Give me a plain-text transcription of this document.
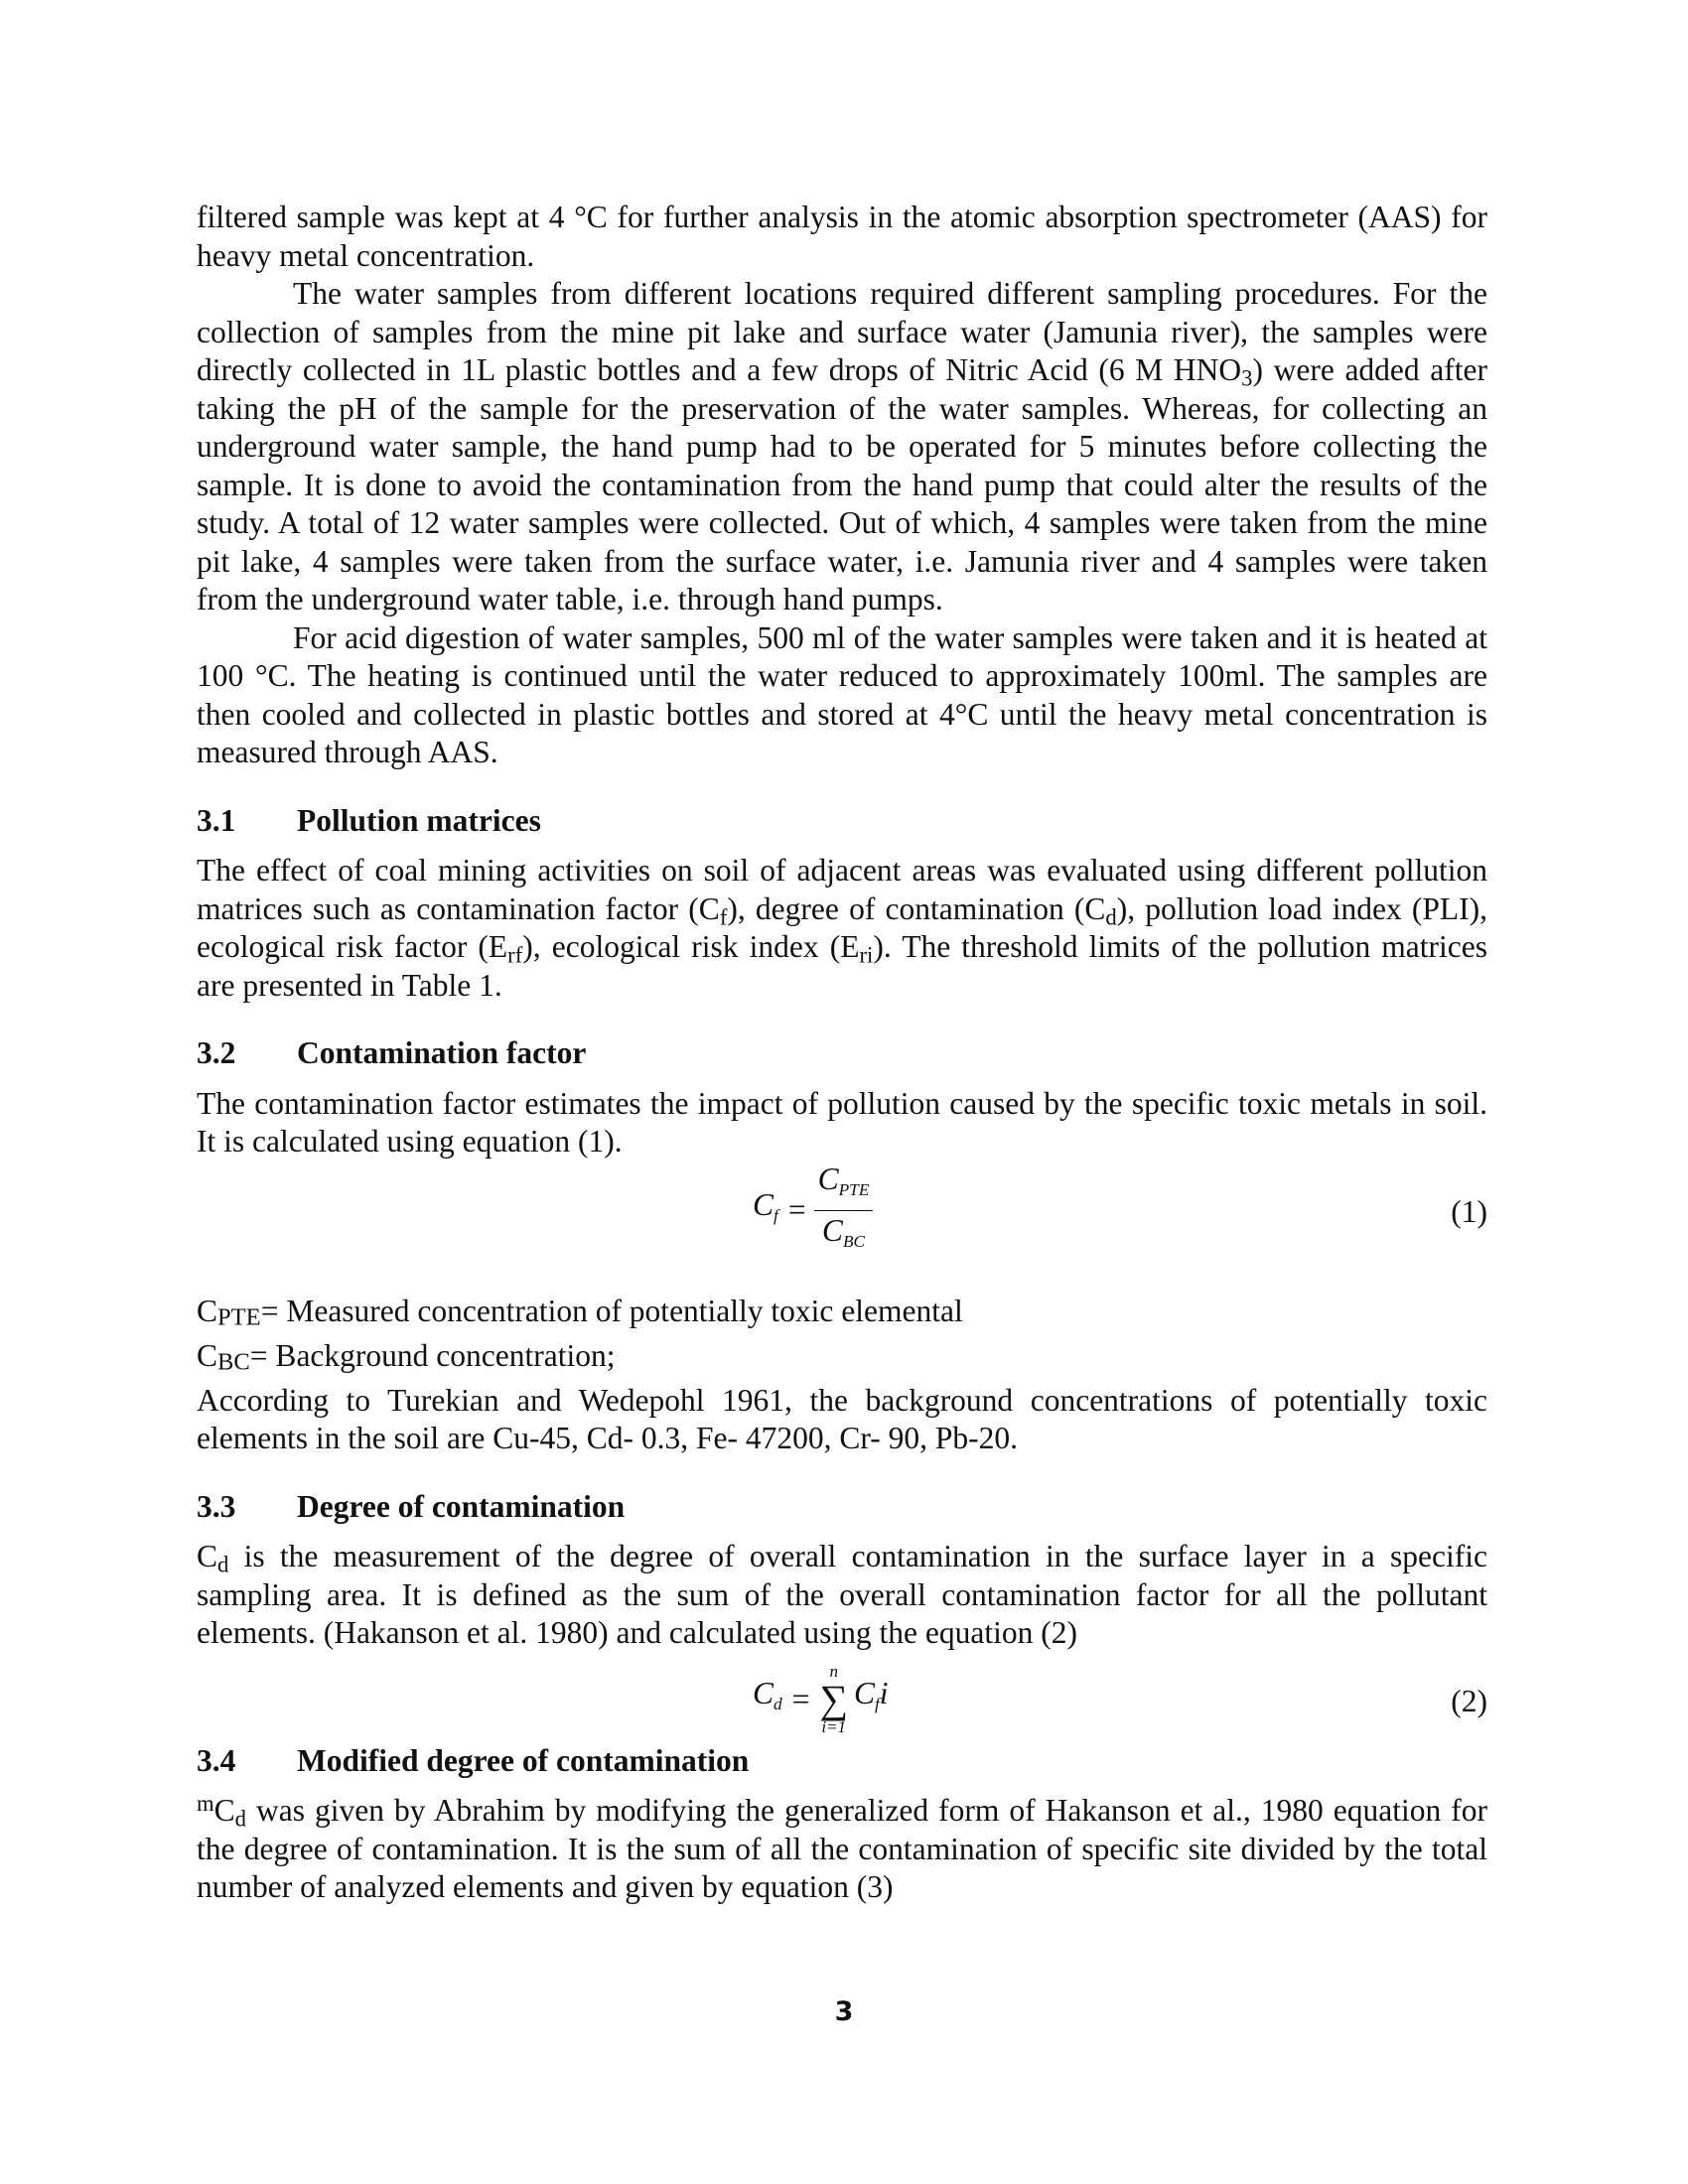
filtered sample was kept at 4 °C for further analysis in the atomic absorption spectrometer (AAS) for heavy metal concentration.

The water samples from different locations required different sampling procedures. For the collection of samples from the mine pit lake and surface water (Jamunia river), the samples were directly collected in 1L plastic bottles and a few drops of Nitric Acid (6 M $HNO_3$) were added after taking the pH of the sample for the preservation of the water samples. Whereas, for collecting an underground water sample, the hand pump had to be operated for 5 minutes before collecting the sample. It is done to avoid the contamination from the hand pump that could alter the results of the study. A total of 12 water samples were collected. Out of which, 4 samples were taken from the mine pit lake, 4 samples were taken from the surface water, i.e. Jamunia river and 4 samples were taken from the underground water table, i.e. through hand pumps.

For acid digestion of water samples, 500 ml of the water samples were taken and it is heated at 100 °C. The heating is continued until the water reduced to approximately 100ml. The samples are then cooled and collected in plastic bottles and stored at 4°C until the heavy metal concentration is measured through AAS.

3.1	Pollution matrices

The effect of coal mining activities on soil of adjacent areas was evaluated using different pollution matrices such as contamination factor $(C_f)$, degree of contamination $(C_d)$, pollution load index (PLI), ecological risk factor $(E_{rf})$, ecological risk index $(E_{ri})$. The threshold limits of the pollution matrices are presented in Table 1.

3.2	Contamination factor

The contamination factor estimates the impact of pollution caused by the specific toxic metals in soil. It is calculated using equation (1).

$Cf = \frac{\text{CPTE}}{\text{CBC}}$	(1)

CPTE= Measured concentration of potentially toxic elemental

CBC= Background concentration;

According to Turekian and Wedepohl 1961, the background concentrations of potentially toxic elements in the soil are Cu-45, Cd- 0.3, Fe- 47200, Cr- 90, Pb-20.

3.3	Degree of contamination

$C_d$ is the measurement of the degree of overall contamination in the surface layer in a specific sampling area. It is defined as the sum of the overall contamination factor for all the pollutant elements. (Hakanson et al. 1980) and calculated using the equation (2)

Cd =
n
∑
i=1
Cfi	(2)
3.4	Modified degree of contamination

$^mC_d$ was given by Abrahim by modifying the generalized form of Hakanson et al., 1980 equation for the degree of contamination. It is the sum of all the contamination of specific site divided by the total number of analyzed elements and given by equation (3)

3
